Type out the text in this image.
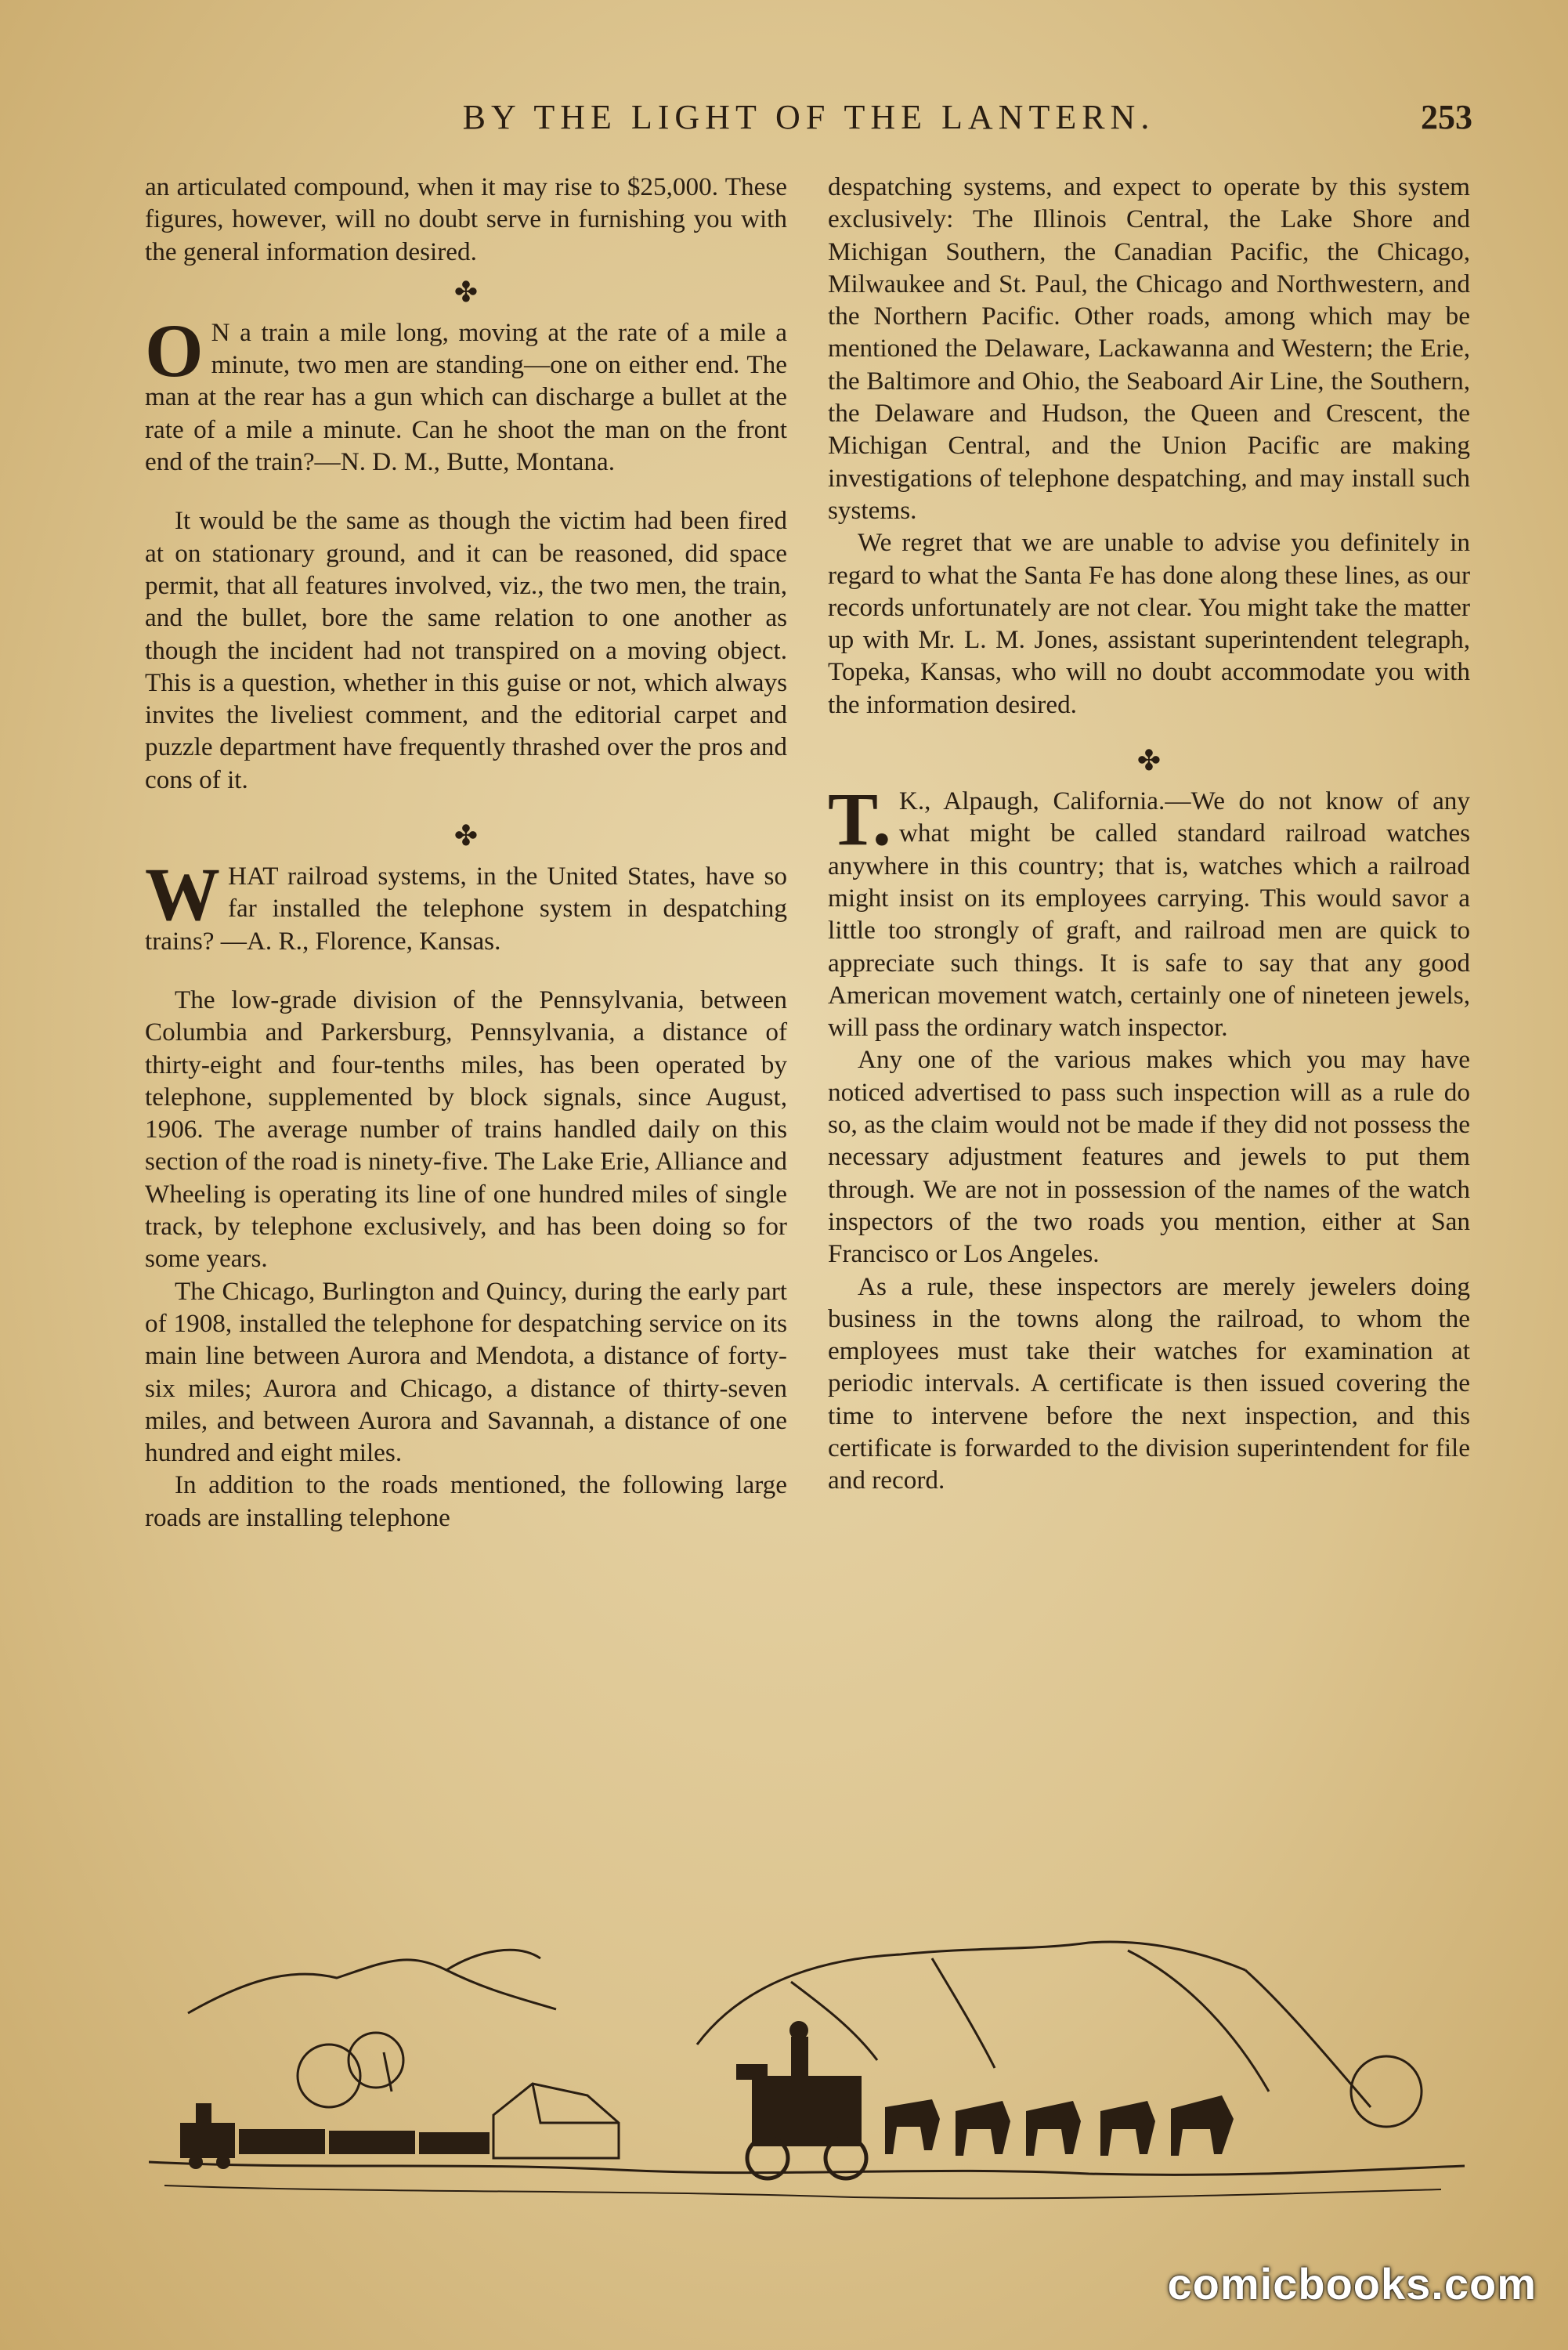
BY THE LIGHT OF THE LANTERN.	253

an articulated compound, when it may rise to $25,000. These figures, however, will no doubt serve in furnishing you with the general information desired.

✤

O N a train a mile long, moving at the rate of a mile a minute, two men are standing—one on either end. The man at the rear has a gun which can discharge a bullet at the rate of a mile a minute. Can he shoot the man on the front end of the train?—N. D. M., Butte, Montana.

It would be the same as though the victim had been fired at on stationary ground, and it can be reasoned, did space permit, that all features involved, viz., the two men, the train, and the bullet, bore the same relation to one another as though the incident had not transpired on a moving object. This is a question, whether in this guise or not, which always invites the liveliest comment, and the editorial carpet and puzzle department have frequently thrashed over the pros and cons of it.

✤

WHAT railroad systems, in the United States, have so far installed the telephone system in despatching trains? —A. R., Florence, Kansas.

The low-grade division of the Pennsylvania, between Columbia and Parkersburg, Pennsylvania, a distance of thirty-eight and four-tenths miles, has been operated by telephone, supplemented by block signals, since August, 1906. The average number of trains handled daily on this section of the road is ninety-five. The Lake Erie, Alliance and Wheeling is operating its line of one hundred miles of single track, by telephone exclusively, and has been doing so for some years.

The Chicago, Burlington and Quincy, during the early part of 1908, installed the telephone for despatching service on its main line between Aurora and Mendota, a distance of forty-six miles; Aurora and Chicago, a distance of thirty-seven miles, and between Aurora and Savannah, a distance of one hundred and eight miles.

In addition to the roads mentioned, the following large roads are installing telephone

despatching systems, and expect to operate by this system exclusively: The Illinois Central, the Lake Shore and Michigan Southern, the Canadian Pacific, the Chicago, Milwaukee and St. Paul, the Chicago and Northwestern, and the Northern Pacific. Other roads, among which may be mentioned the Delaware, Lackawanna and Western; the Erie, the Baltimore and Ohio, the Seaboard Air Line, the Southern, the Delaware and Hudson, the Queen and Crescent, the Michigan Central, and the Union Pacific are making investigations of telephone despatching, and may install such systems.

We regret that we are unable to advise you definitely in regard to what the Santa Fe has done along these lines, as our records unfortunately are not clear. You might take the matter up with Mr. L. M. Jones, assistant superintendent telegraph, Topeka, Kansas, who will no doubt accommodate you with the information desired.

✤

T. K., Alpaugh, California.—We do not know of any what might be called standard railroad watches anywhere in this country; that is, watches which a railroad might insist on its employees carrying. This would savor a little too strongly of graft, and railroad men are quick to appreciate such things. It is safe to say that any good American movement watch, certainly one of nineteen jewels, will pass the ordinary watch inspector.

Any one of the various makes which you may have noticed advertised to pass such inspection will as a rule do so, as the claim would not be made if they did not possess the necessary adjustment features and jewels to put them through. We are not in possession of the names of the watch inspectors of the two roads you mention, either at San Francisco or Los Angeles.

As a rule, these inspectors are merely jewelers doing business in the towns along the railroad, to whom the employees must take their watches for examination at periodic intervals. A certificate is then issued covering the time to intervene before the next inspection, and this certificate is forwarded to the division superintendent for file and record.

comicbooks.com
